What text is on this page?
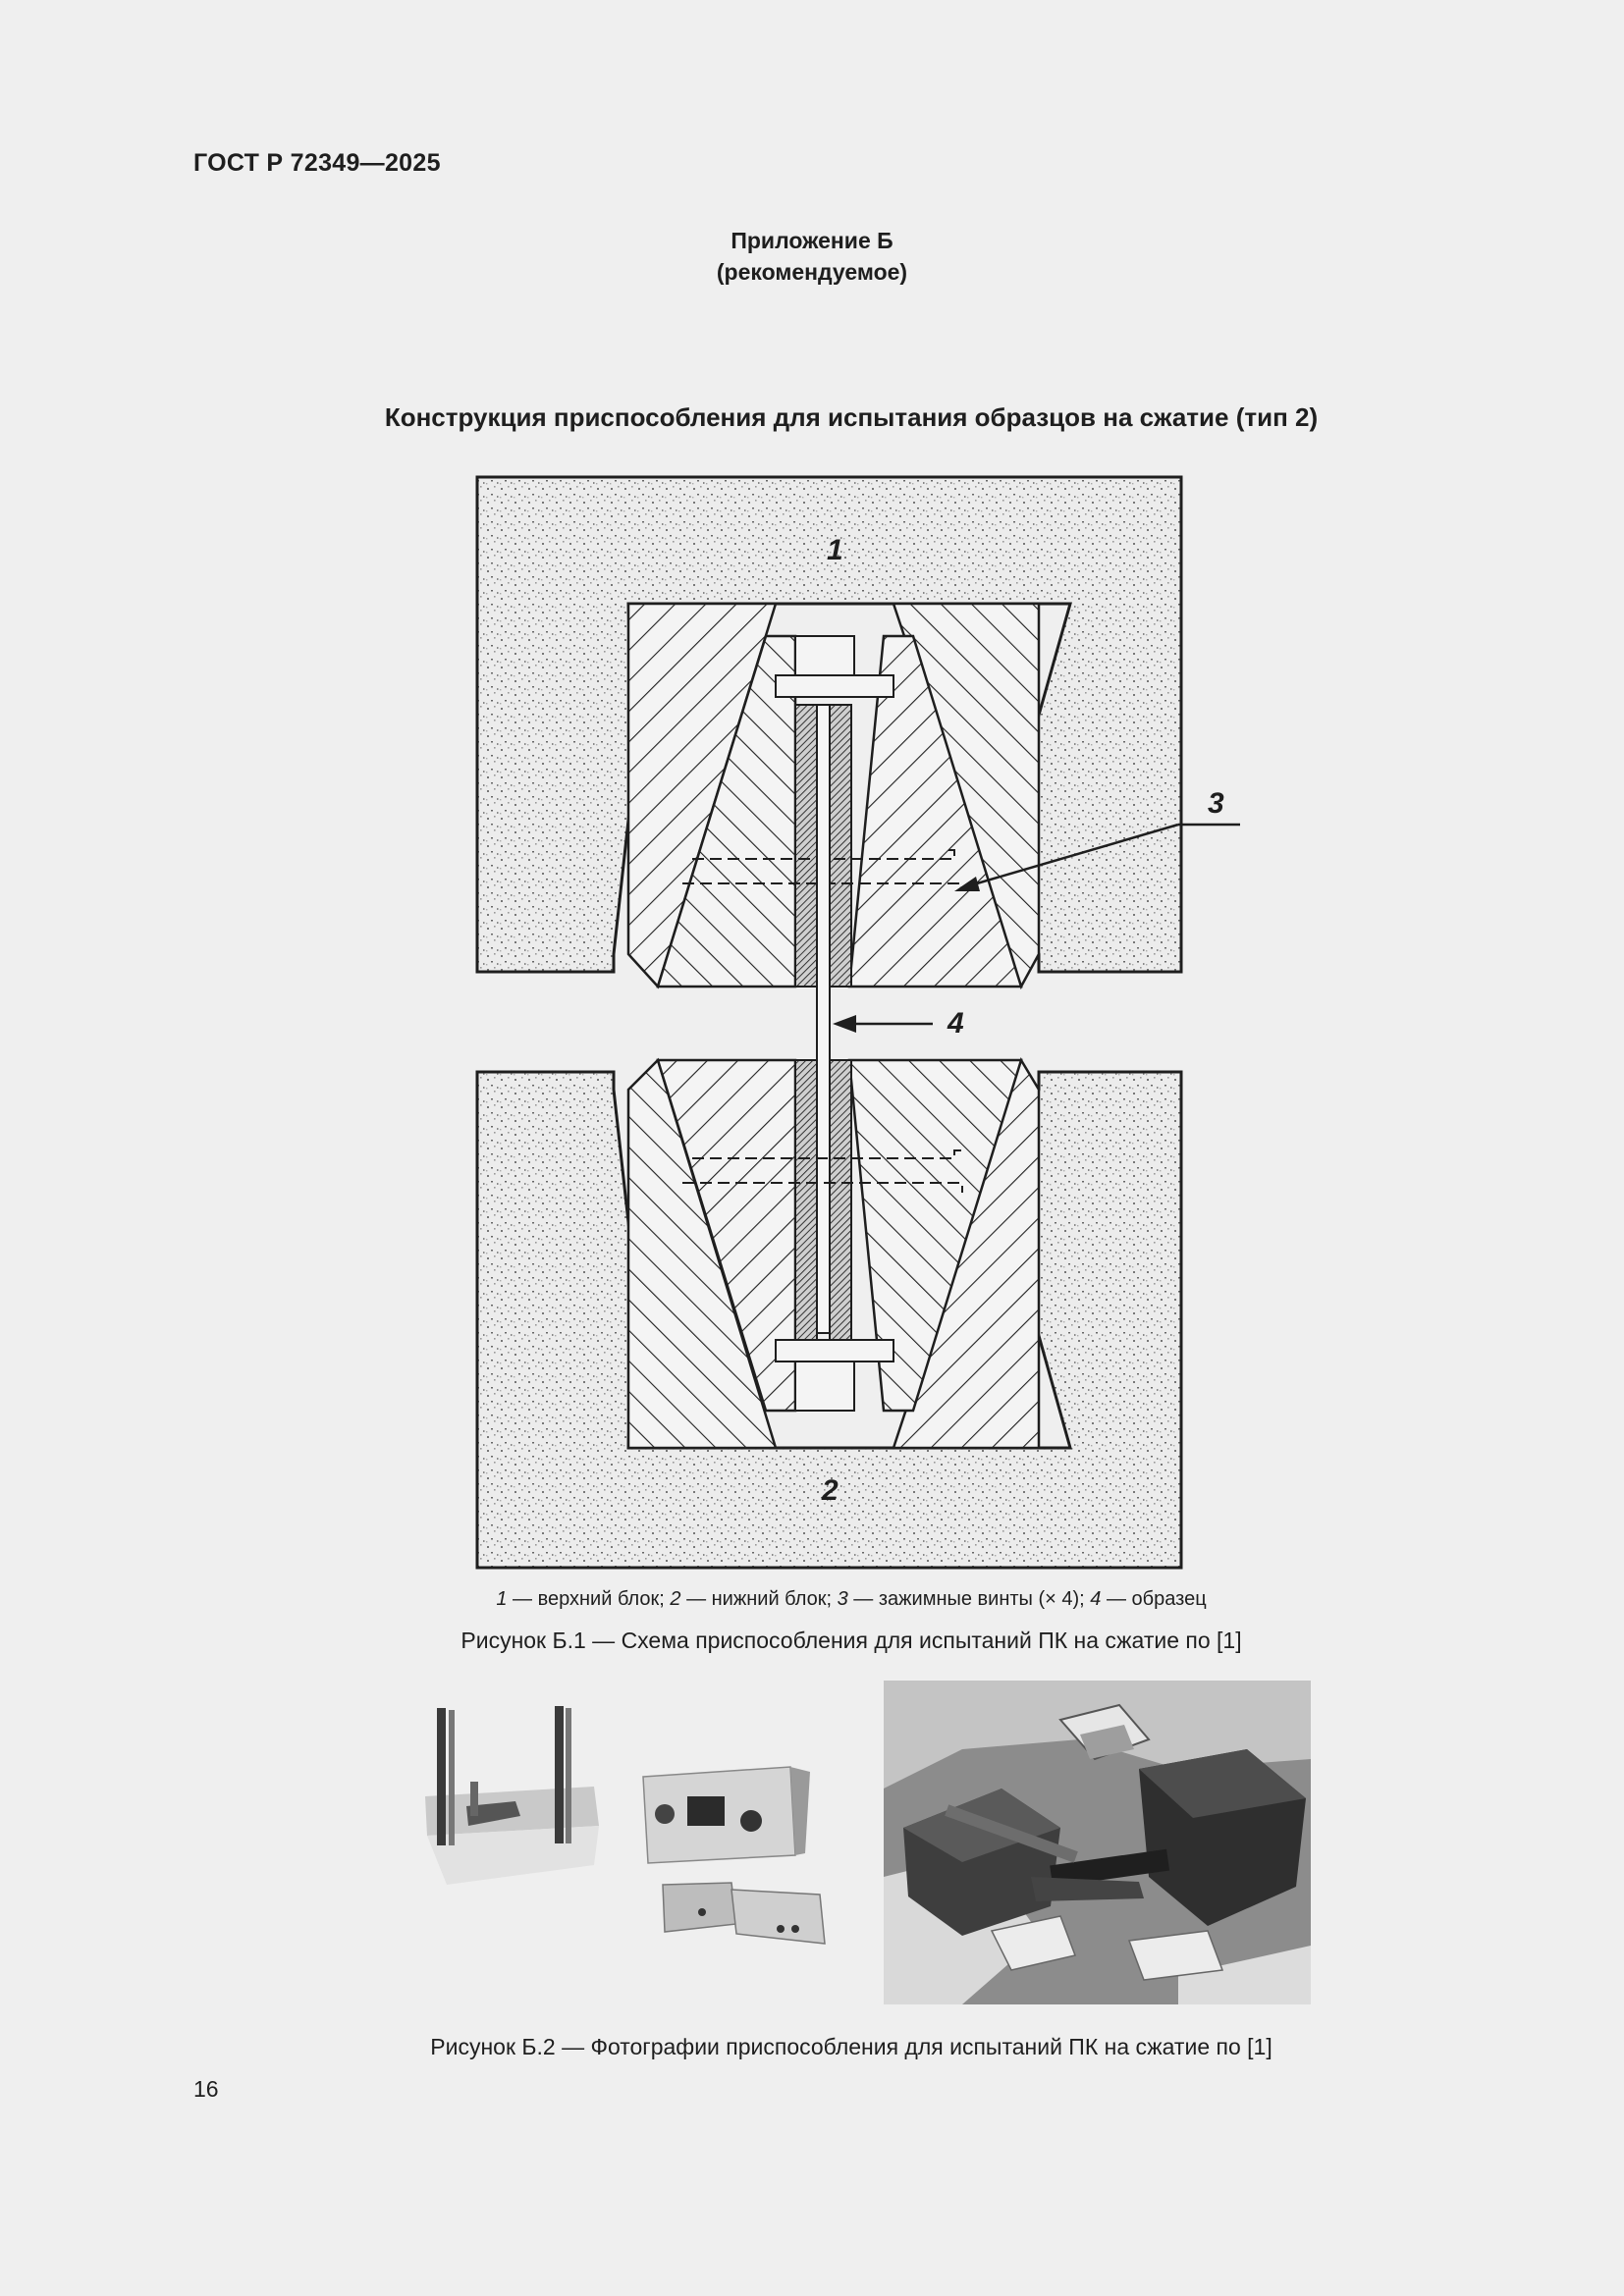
ГОСТ Р 72349—2025
Приложение Б
(рекомендуемое)
Конструкция приспособления для испытания образцов на сжатие (тип 2)
1
3
4
2
1 — верхний блок; 2 — нижний блок; 3 — зажимные винты (× 4); 4 — образец
Рисунок Б.1 — Схема приспособления для испытаний ПК на сжатие по [1]
Рисунок Б.2 — Фотографии приспособления для испытаний ПК на сжатие по [1]
16
